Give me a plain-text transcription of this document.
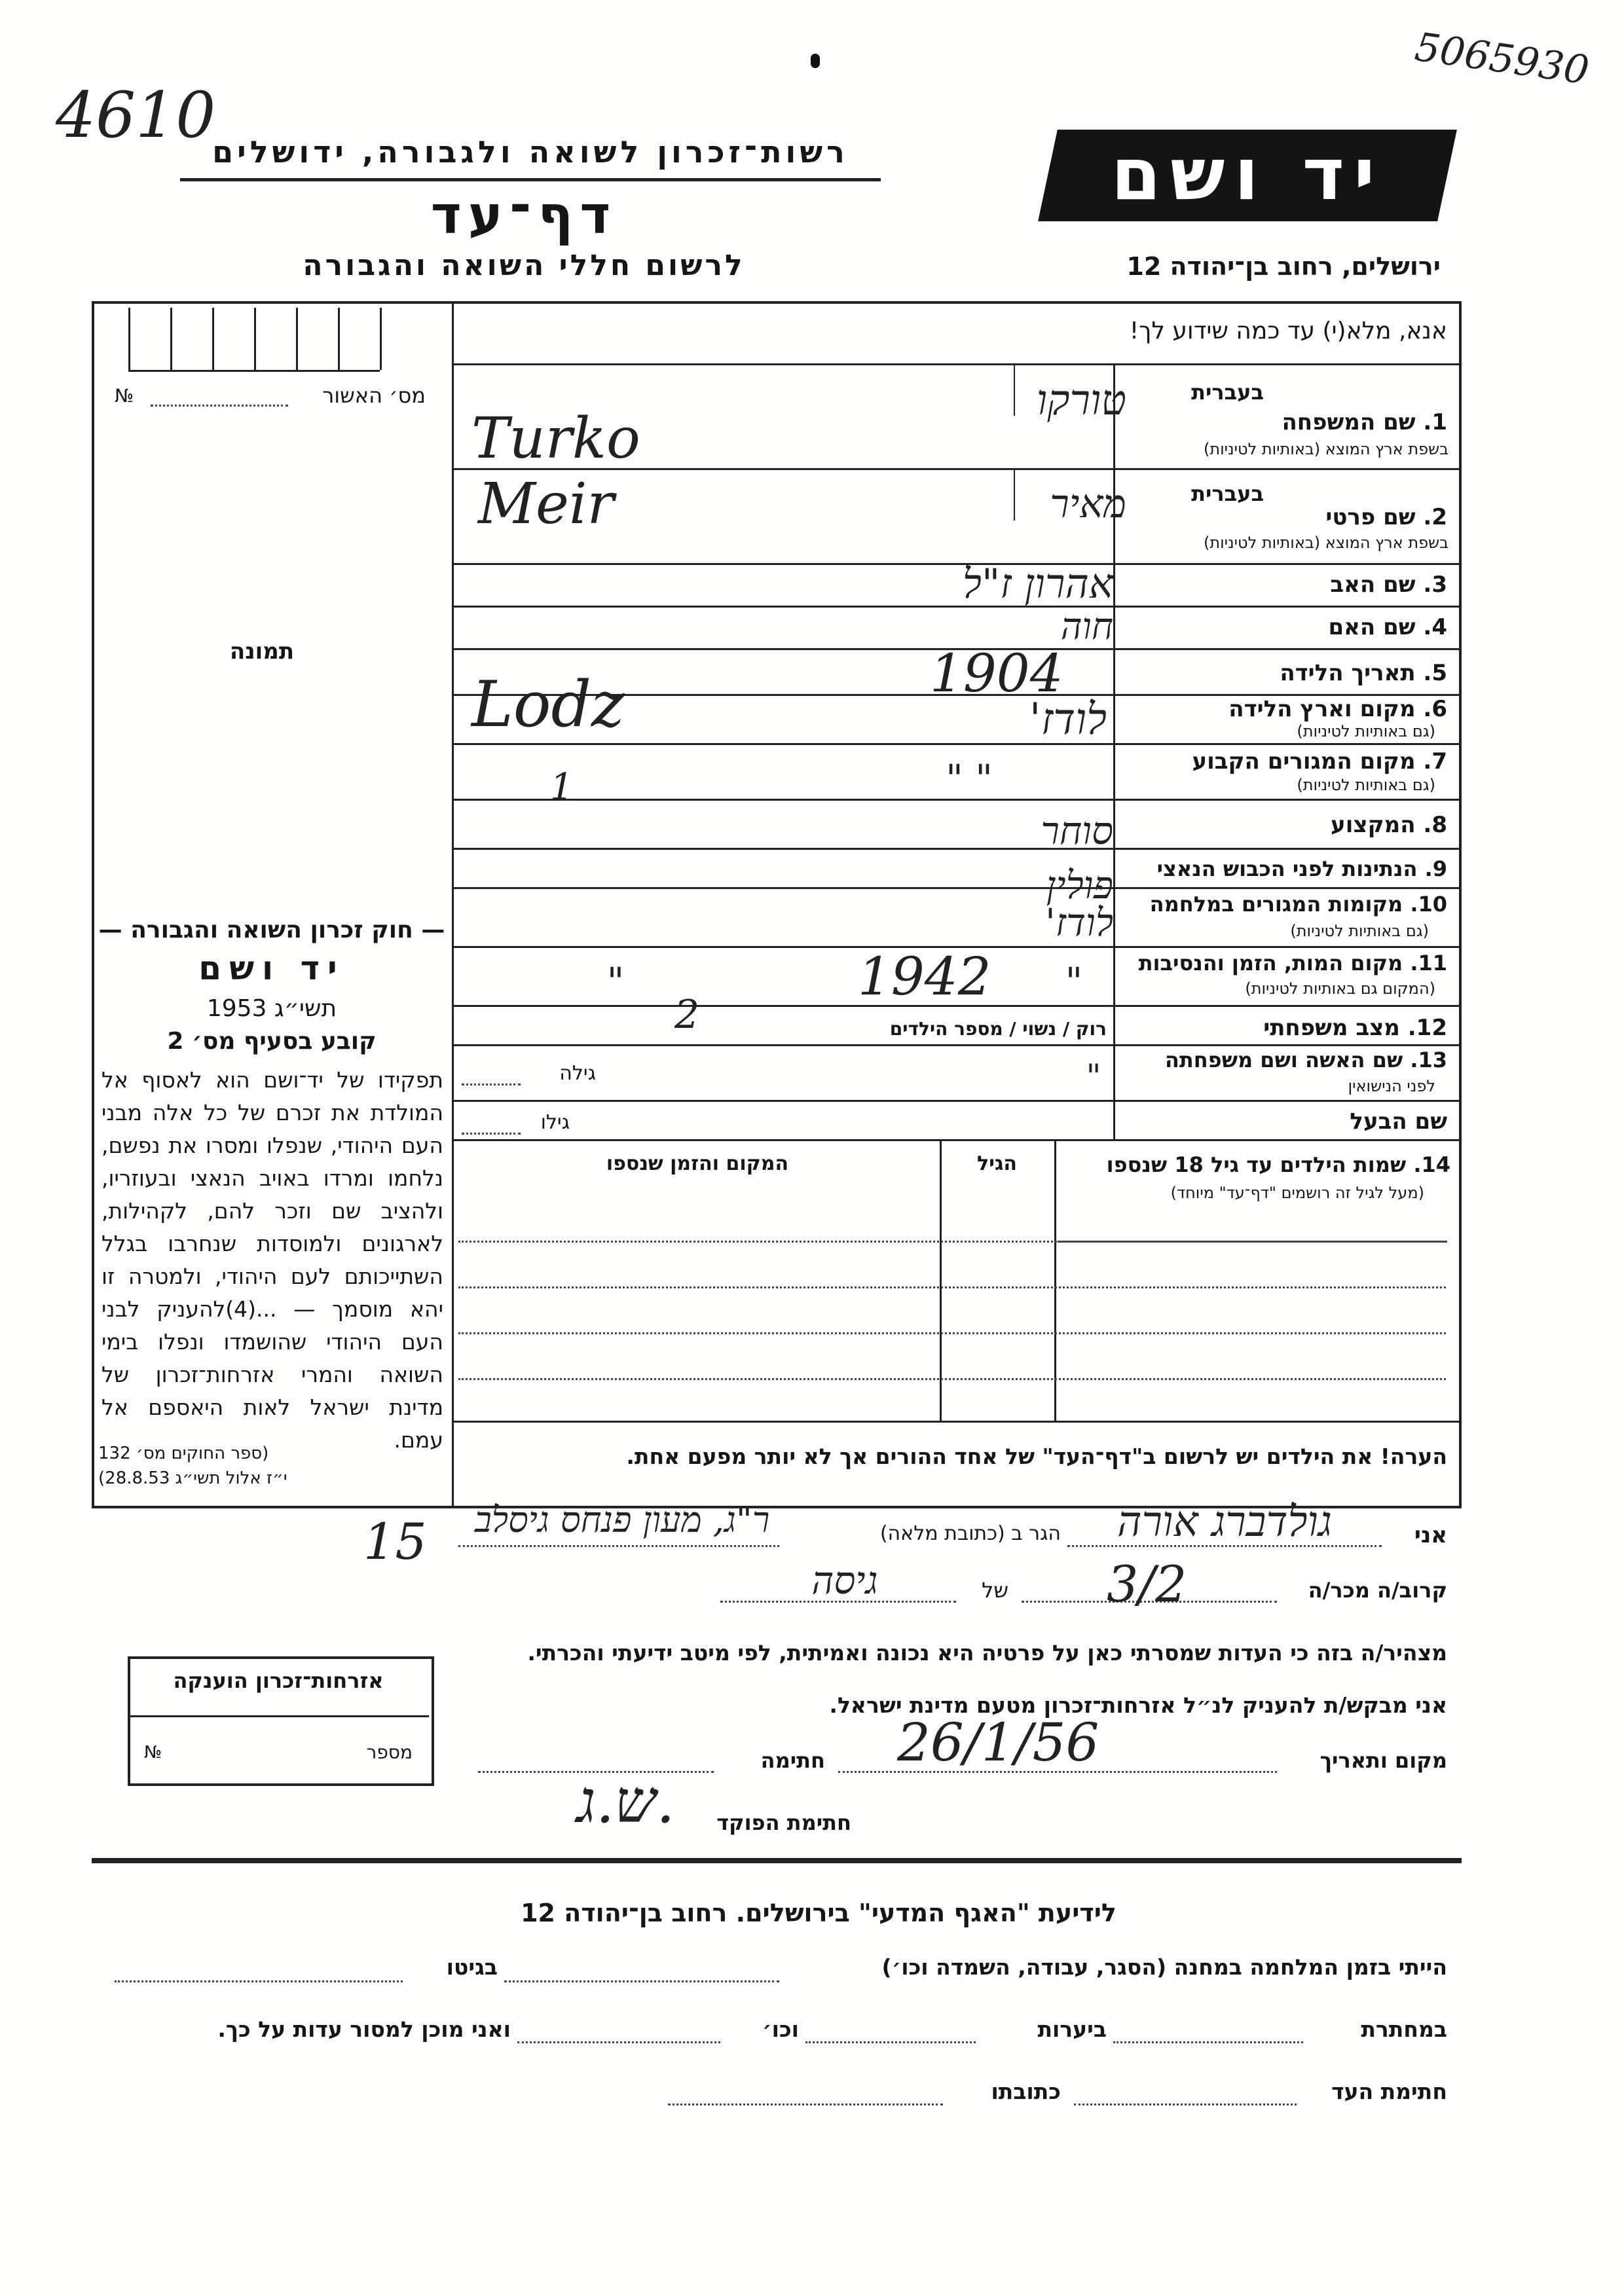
4610
5065930
רשות־זכרון לשואה ולגבורה, ידושלים
דף־עד
לרשום חללי השואה והגבורה
יד ושם
ירושלים, רחוב בן־יהודה 12
מס׳ האשור
№
תמונה
— חוק זכרון השואה והגבורה —
יד ושם
תשי״ג 1953
קובע בסעיף מס׳ 2
תפקידו של יד־ושם הוא לאסוף אל המולדת את זכרם של כל אלה מבני העם היהודי, שנפלו ומסרו את נפשם, נלחמו ומרדו באויב הנאצי ובעוזריו, ולהציב שם וזכר להם, לקהילות, לארגונים ולמוסדות שנחרבו בגלל השתייכותם לעם היהודי, ולמטרה זו יהא מוסמך — ...(4)להעניק לבני העם היהודי שהושמדו ונפלו בימי השואה והמרי אזרחות־זכרון של מדינת ישראל לאות היאספם אל עמם.
(ספר החוקים מס׳ 132
י״ז אלול תשי״ג 28.8.53)
אנא, מלא(י) עד כמה שידוע לך!
בעברית
1. שם המשפחה
בשפת ארץ המוצא (באותיות לטיניות)
בעברית
2. שם פרטי
בשפת ארץ המוצא (באותיות לטיניות)
3. שם האב
4. שם האם
5. תאריך הלידה
6. מקום וארץ הלידה
(גם באותיות לטיניות)
7. מקום המגורים הקבוע
(גם באותיות לטיניות)
8. המקצוע
9. הנתינות לפני הכבוש הנאצי
10. מקומות המגורים במלחמה
(גם באותיות לטיניות)
11. מקום המות, הזמן והנסיבות
(המקום גם באותיות לטיניות)
12. מצב משפחתי
13. שם האשה ושם משפחתה
לפני הנישואין
שם הבעל
רוק / נשוי / מספר הילדים
גילה
גילו
14. שמות הילדים עד גיל 18 שנספו
(מעל לגיל זה רושמים "דף־עד" מיוחד)
הגיל
המקום והזמן שנספו
הערה! את הילדים יש לרשום ב"דף־העד" של אחד ההורים אך לא יותר מפעם אחת.
טורקו
Turko
מאיר
Meir
אהרון ז"ל
חוה
1904
לודז'
Lodz
" "
1
סוחר
פולין
לודז'
"
1942
"
2
"
אני
גולדברג אורה
הגר ב (כתובת מלאה)
ר"ג, מעון פנחס גיסלב
15
קרוב/ה מכר/ה
3/2
של
גיסה
מצהיר/ה בזה כי העדות שמסרתי כאן על פרטיה היא נכונה ואמיתית, לפי מיטב ידיעתי והכרתי.
אני מבקש/ת להעניק לנ״ל אזרחות־זכרון מטעם מדינת ישראל.
מקום ותאריך
26/1/56
חתימה
חתימת הפוקד
ש.ג.
אזרחות־זכרון הוענקה
מספר
№
לידיעת "האגף המדעי" בירושלים. רחוב בן־יהודה 12
הייתי בזמן המלחמה במחנה (הסגר, עבודה, השמדה וכו׳)
בגיטו
במחתרת
ביערות
וכו׳
ואני מוכן למסור עדות על כך.
חתימת העד
כתובתו
